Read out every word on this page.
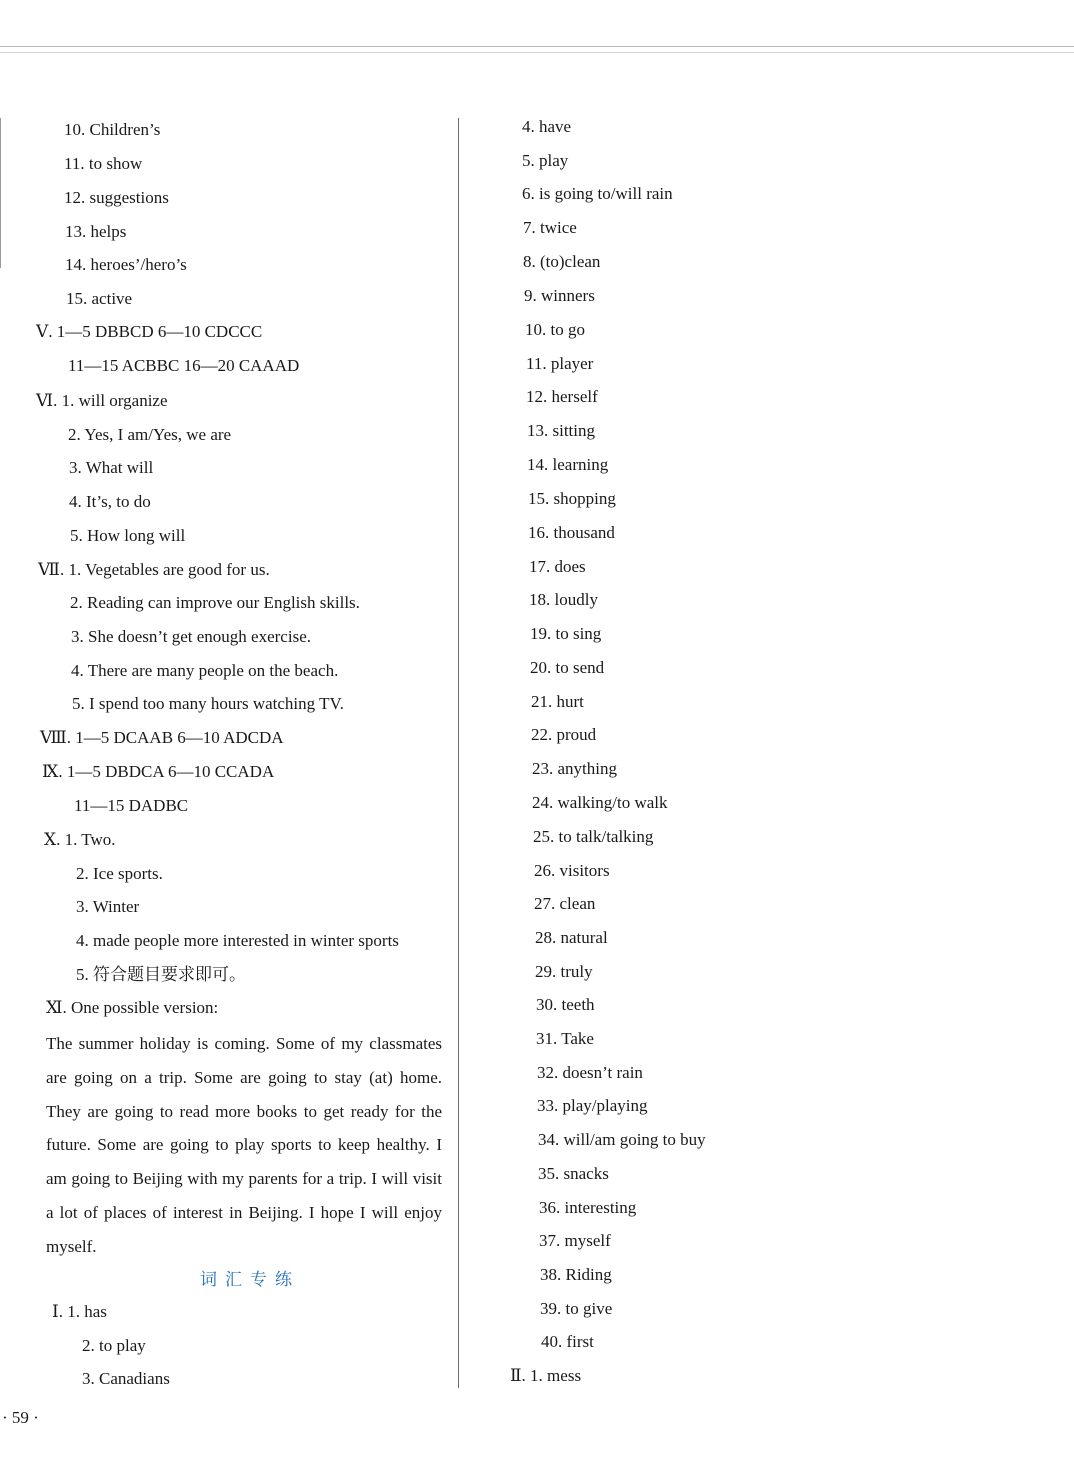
10. Children’s
11. to show
12. suggestions
13. helps
14. heroes’/hero’s
15. active
Ⅴ. 1—5 DBBCD 6—10 CDCCC
11—15 ACBBC 16—20 CAAAD
Ⅵ. 1. will organize
2. Yes, I am/Yes, we are
3. What will
4. It’s, to do
5. How long will
Ⅶ. 1. Vegetables are good for us.
2. Reading can improve our English skills.
3. She doesn’t get enough exercise.
4. There are many people on the beach.
5. I spend too many hours watching TV.
Ⅷ. 1—5 DCAAB 6—10 ADCDA
Ⅸ. 1—5 DBDCA 6—10 CCADA
11—15 DADBC
Ⅹ. 1. Two.
2. Ice sports.
3. Winter
4. made people more interested in winter sports
5. 符合题目要求即可。
Ⅺ. One possible version:
The summer holiday is coming. Some of my classmates are going on a trip. Some are going to stay (at) home. They are going to read more books to get ready for the future. Some are going to play sports to keep healthy. I am going to Beijing with my parents for a trip. I will visit a lot of places of interest in Beijing. I hope I will enjoy myself.
词汇专练
Ⅰ. 1. has
2. to play
3. Canadians
4. have
5. play
6. is going to/will rain
7. twice
8. (to)clean
9. winners
10. to go
11. player
12. herself
13. sitting
14. learning
15. shopping
16. thousand
17. does
18. loudly
19. to sing
20. to send
21. hurt
22. proud
23. anything
24. walking/to walk
25. to talk/talking
26. visitors
27. clean
28. natural
29. truly
30. teeth
31. Take
32. doesn’t rain
33. play/playing
34. will/am going to buy
35. snacks
36. interesting
37. myself
38. Riding
39. to give
40. first
Ⅱ. 1. mess
· 59 ·
